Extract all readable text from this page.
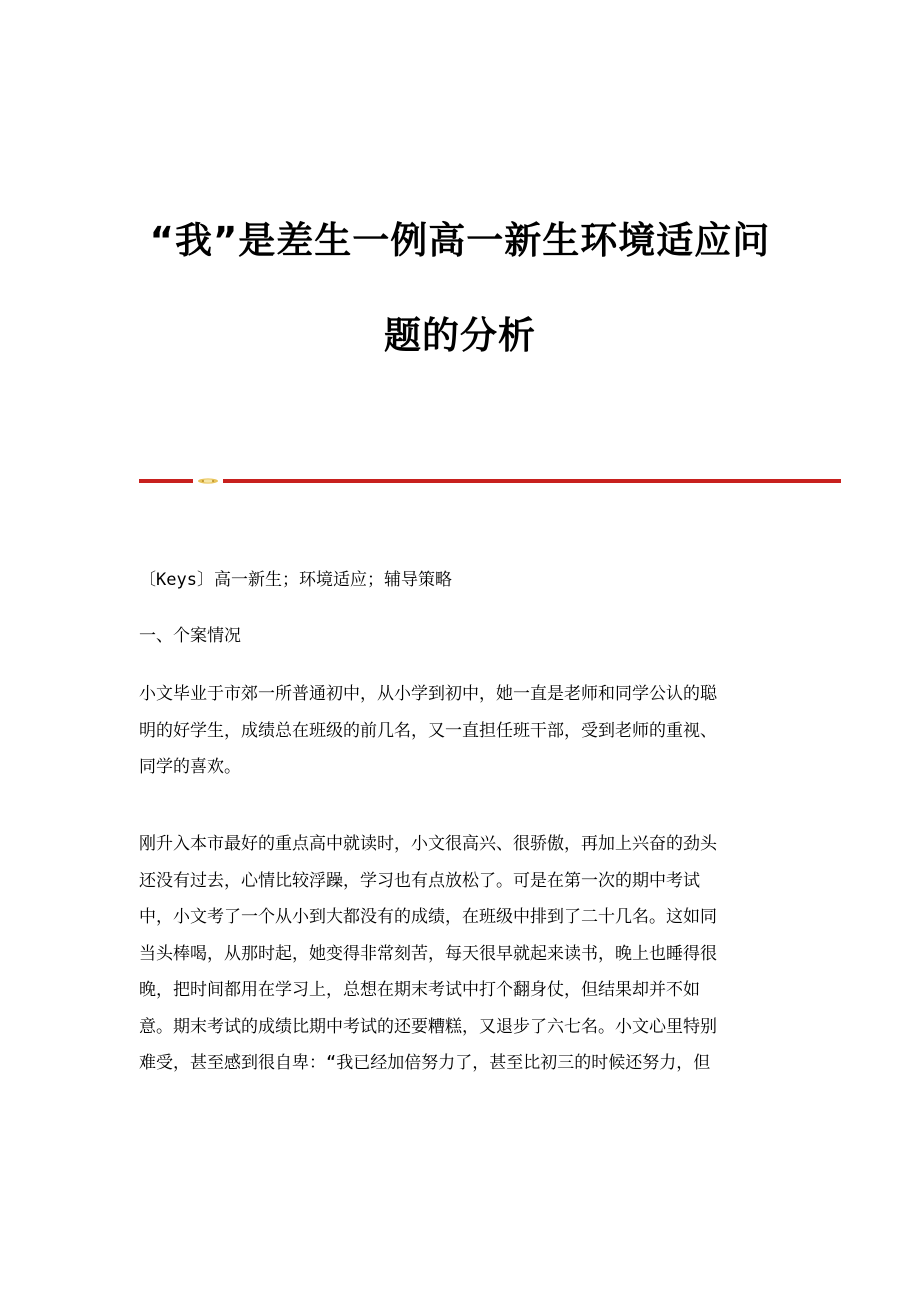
“我”是差生一例高一新生环境适应问
题的分析

〔Keys〕高一新生；环境适应；辅导策略

一、个案情况

小文毕业于市郊一所普通初中，从小学到初中，她一直是老师和同学公认的聪
明的好学生，成绩总在班级的前几名，又一直担任班干部，受到老师的重视、
同学的喜欢。

刚升入本市最好的重点高中就读时，小文很高兴、很骄傲，再加上兴奋的劲头
还没有过去，心情比较浮躁，学习也有点放松了。可是在第一次的期中考试
中，小文考了一个从小到大都没有的成绩，在班级中排到了二十几名。这如同
当头棒喝，从那时起，她变得非常刻苦，每天很早就起来读书，晚上也睡得很
晚，把时间都用在学习上，总想在期末考试中打个翻身仗，但结果却并不如
意。期末考试的成绩比期中考试的还要糟糕，又退步了六七名。小文心里特别
难受，甚至感到很自卑：“我已经加倍努力了，甚至比初三的时候还努力，但
